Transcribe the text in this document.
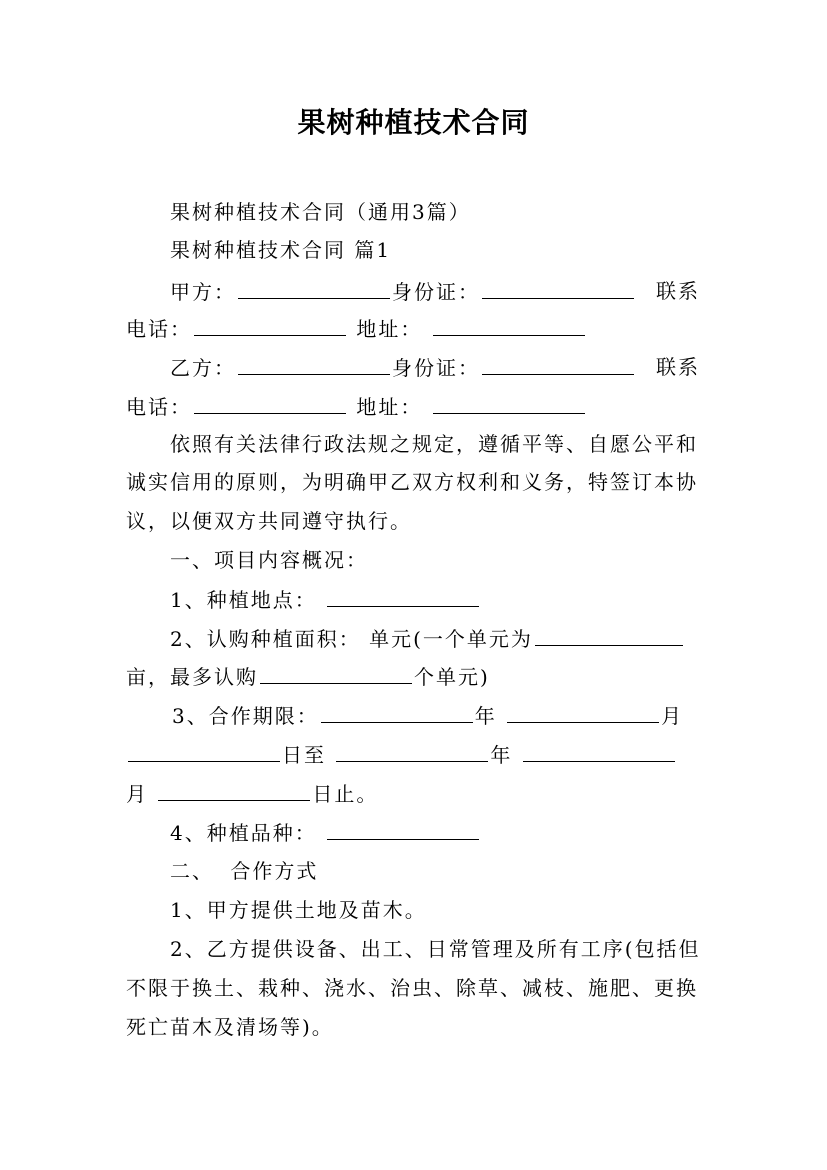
果树种植技术合同
果树种植技术合同（通用3篇）
果树种植技术合同 篇1
甲方：	身份证：	联系
电话：	地址：
乙方：	身份证：	联系
电话：	地址：
依照有关法律行政法规之规定，遵循平等、自愿公平和
诚实信用的原则，为明确甲乙双方权利和义务，特签订本协
议，以便双方共同遵守执行。
一、项目内容概况：
1、种植地点：
2、认购种植面积： 单元(一个单元为
亩，最多认购	个单元)
3、合作期限：	年	月
日至	年
月	日止。
4、种植品种：
二、 合作方式
1、甲方提供土地及苗木。
2、乙方提供设备、出工、日常管理及所有工序(包括但
不限于换土、栽种、浇水、治虫、除草、减枝、施肥、更换
死亡苗木及清场等)。
